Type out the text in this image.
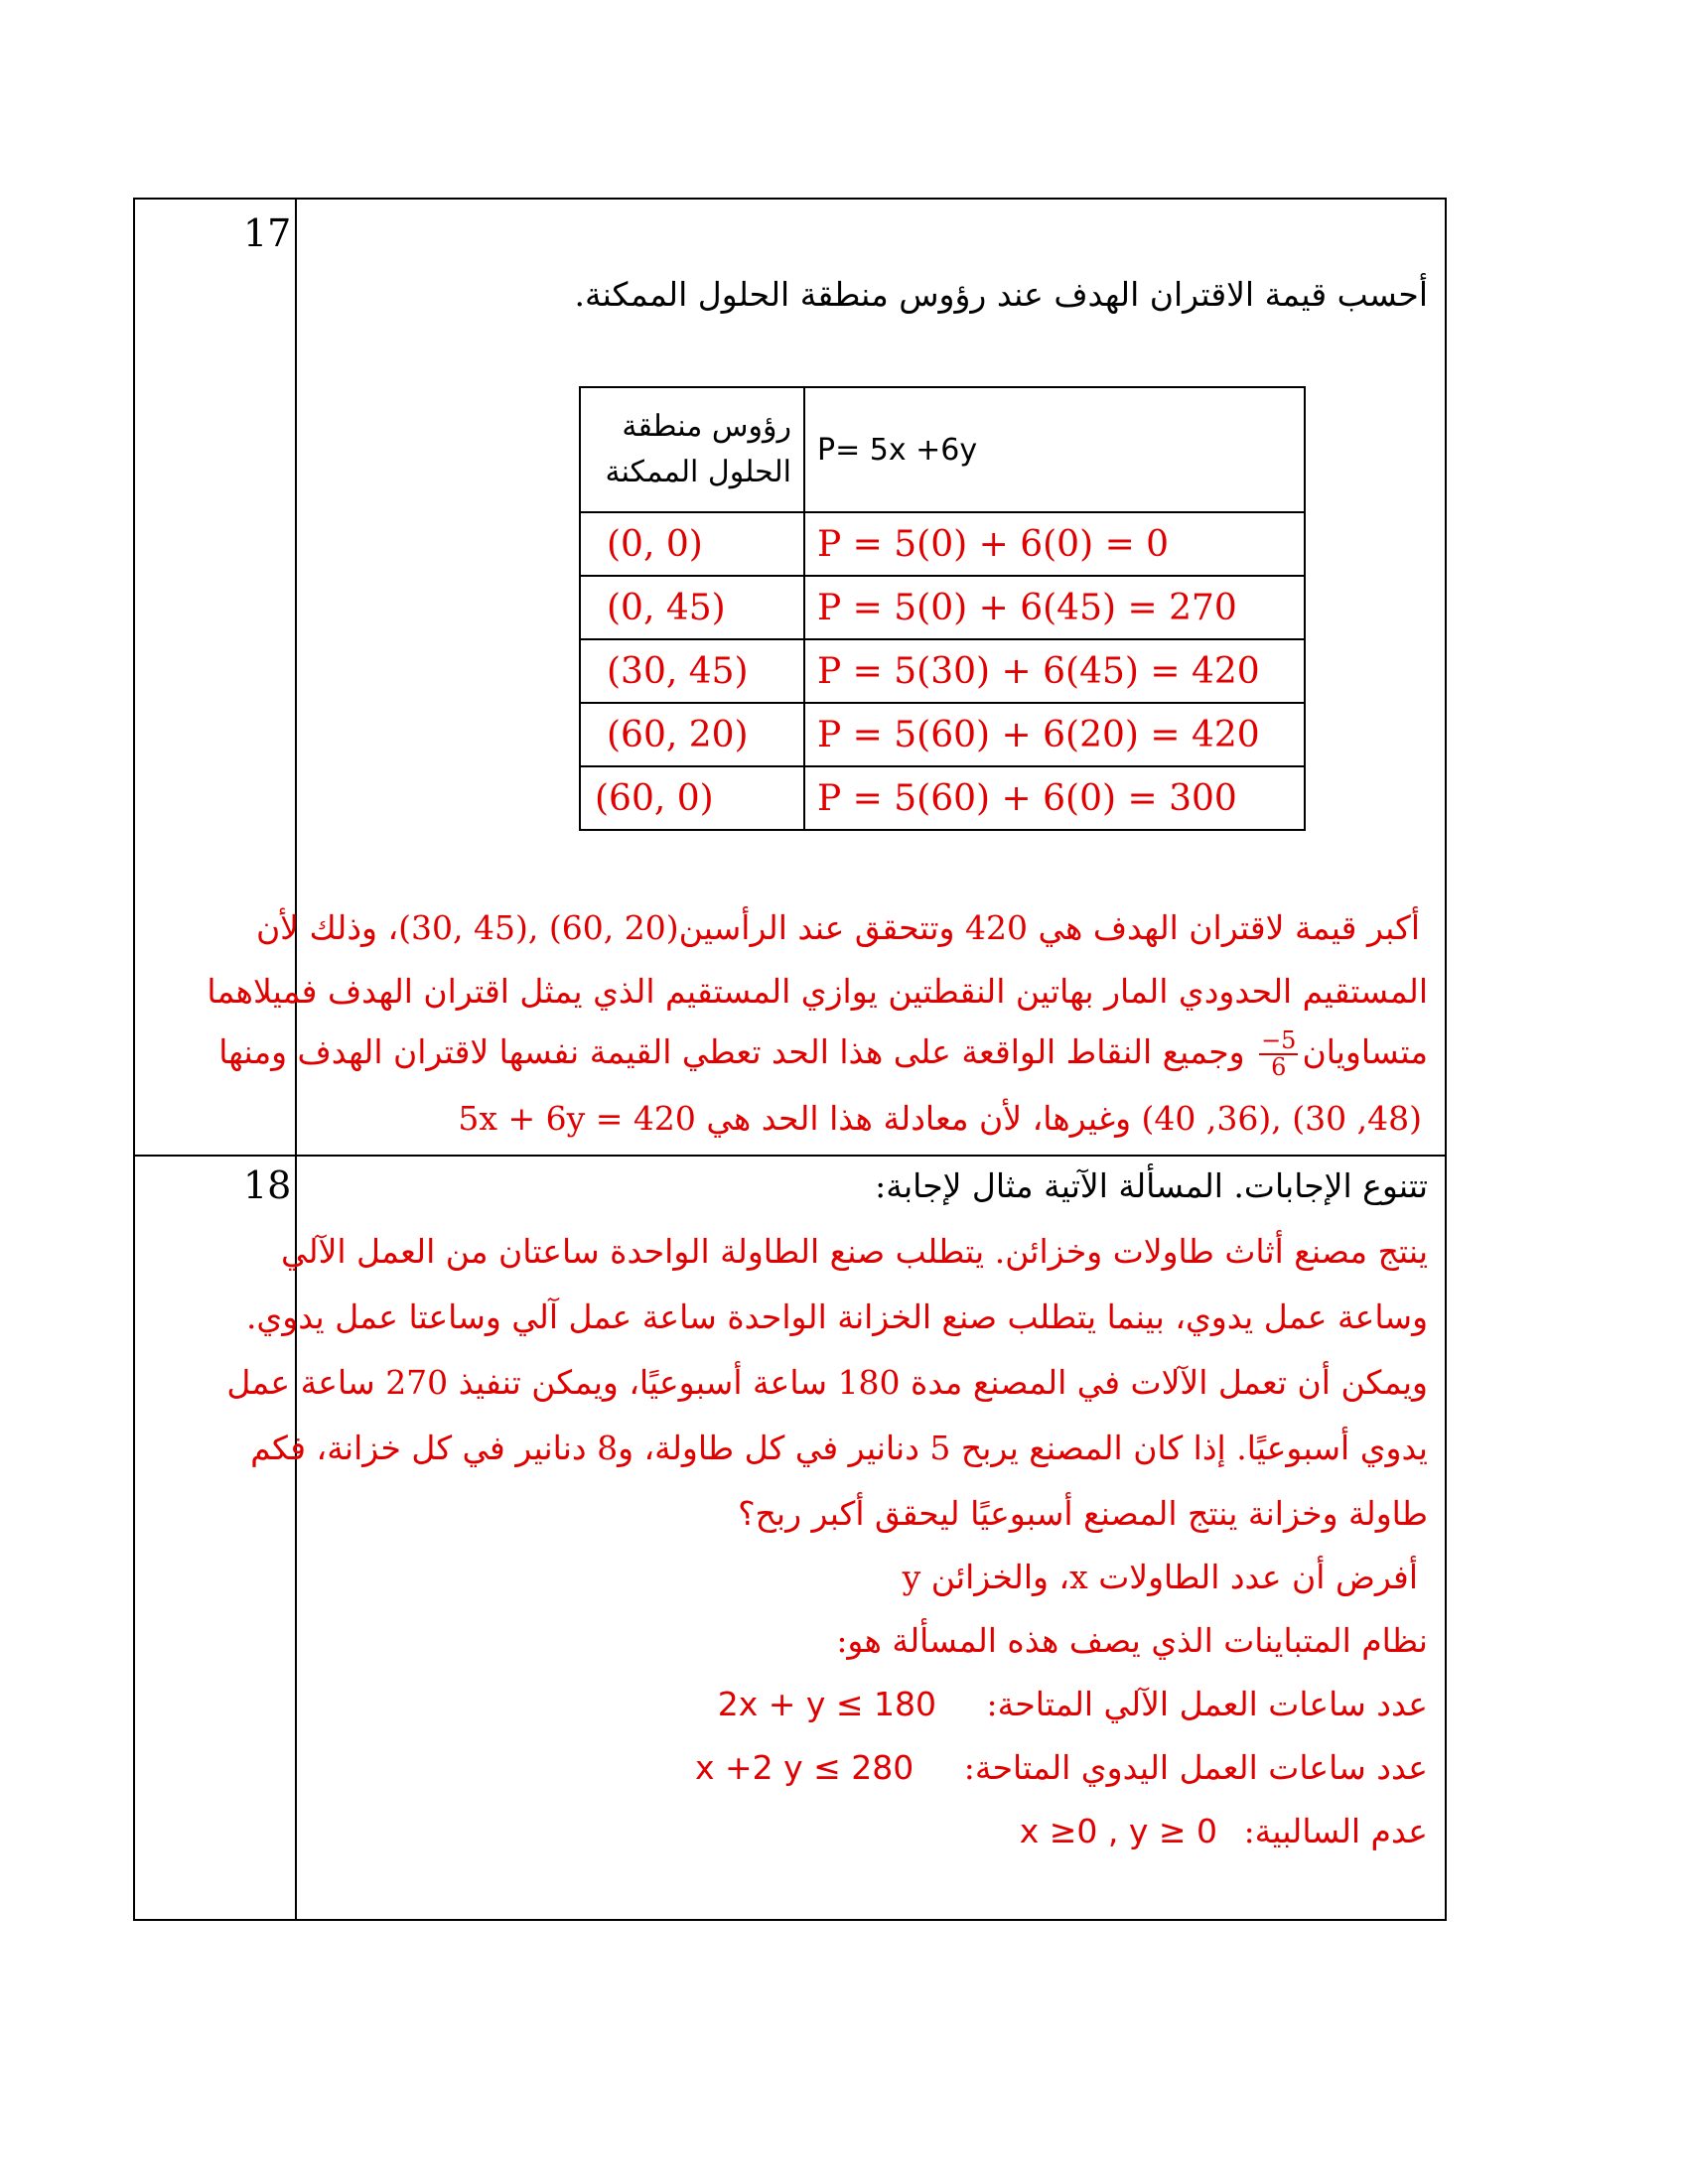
17
أحسب قيمة الاقتران الهدف عند رؤوس منطقة الحلول الممكنة.
رؤوس منطقة
الحلول الممكنة	P= 5x +6y
(0, 0)	P = 5(0) + 6(0) = 0
(0, 45)	P = 5(0) + 6(45) = 270
(30, 45)	P = 5(30) + 6(45) = 420
(60, 20)	P = 5(60) + 6(20) = 420
(60, 0)	P = 5(60) + 6(0) = 300
أكبر قيمة لاقتران الهدف هي 420 وتتحقق عند الرأسين(20 ,60) ,(45 ,30)، وذلك لأن
المستقيم الحدودي المار بهاتين النقطتين يوازي المستقيم الذي يمثل اقتران الهدف فميلاهما
متساويان
$\frac{-5}{6}$
وجميع النقاط الواقعة على هذا الحد تعطي القيمة نفسها لاقتران الهدف ومنها
(48, 30) ,(36, 40) وغيرها، لأن معادلة هذا الحد هي 5x + 6y = 420
18	تتنوع الإجابات. المسألة الآتية مثال لإجابة:
ينتج مصنع أثاث طاولات وخزائن. يتطلب صنع الطاولة الواحدة ساعتان من العمل الآلي
وساعة عمل يدوي، بينما يتطلب صنع الخزانة الواحدة ساعة عمل آلي وساعتا عمل يدوي.
ويمكن أن تعمل الآلات في المصنع مدة 180 ساعة أسبوعيًا، ويمكن تنفيذ 270 ساعة عمل
يدوي أسبوعيًا. إذا كان المصنع يربح 5 دنانير في كل طاولة، و8 دنانير في كل خزانة، فكم
طاولة وخزانة ينتج المصنع أسبوعيًا ليحقق أكبر ربح؟
أفرض أن عدد الطاولات x، والخزائن y
نظام المتباينات الذي يصف هذه المسألة هو:
عدد ساعات العمل الآلي المتاحة: 2x + y ≤ 180
عدد ساعات العمل اليدوي المتاحة: x +2 y ≤ 280
عدم السالبية: x ≥0 , y ≥ 0
